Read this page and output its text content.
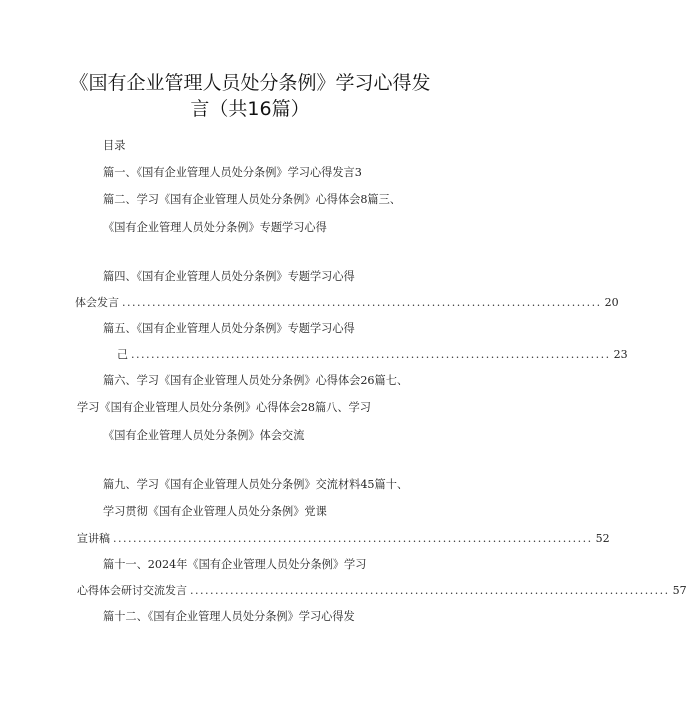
《国有企业管理人员处分条例》学习心得发
言（共16篇）
目录
篇一、《国有企业管理人员处分条例》学习心得发言3
篇二、学习《国有企业管理人员处分条例》心得体会8篇三、
《国有企业管理人员处分条例》专题学习心得
篇四、《国有企业管理人员处分条例》专题学习心得
体会发言 ................................................................................................ 20
篇五、《国有企业管理人员处分条例》专题学习心得
己 ................................................................................................ 23
篇六、学习《国有企业管理人员处分条例》心得体会26篇七、
学习《国有企业管理人员处分条例》心得体会28篇八、学习
《国有企业管理人员处分条例》体会交流
篇九、学习《国有企业管理人员处分条例》交流材料45篇十、
学习贯彻《国有企业管理人员处分条例》党课
宣讲稿 ................................................................................................ 52
篇十一、2024年《国有企业管理人员处分条例》学习
心得体会研讨交流发言 ................................................................................................ 57
篇十二、《国有企业管理人员处分条例》学习心得发
